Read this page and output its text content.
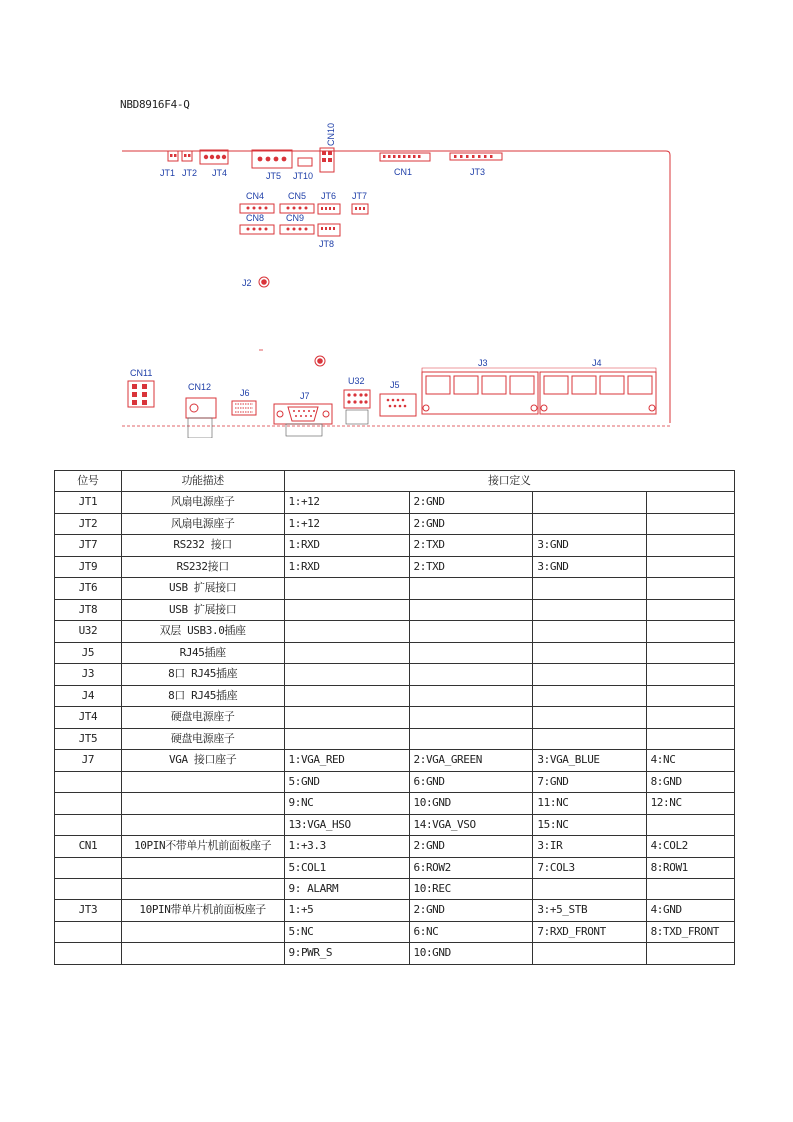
NBD8916F4-Q
JT1 JT2 JT4	JT5 JT10
CN10
CN1	JT3
CN4	CN5 JT6 JT7
CN8 CN9
JT8
J2
CN11
CN12
J6	J7
U32	J5
J3	J4
位号	功能描述	接口定义			
JT1	风扇电源座子	1:+12	2:GND		
JT2	风扇电源座子	1:+12	2:GND		
JT7	RS232 接口	1:RXD	2:TXD	3:GND	
JT9	RS232接口	1:RXD	2:TXD	3:GND	
JT6	USB 扩展接口				
JT8	USB 扩展接口				
U32	双层 USB3.0插座				
J5	RJ45插座				
J3	8口 RJ45插座				
J4	8口 RJ45插座				
JT4	硬盘电源座子				
JT5	硬盘电源座子				
J7	VGA 接口座子	1:VGA_RED	2:VGA_GREEN	3:VGA_BLUE	4:NC
		5:GND	6:GND	7:GND	8:GND
		9:NC	10:GND	11:NC	12:NC
		13:VGA_HSO	14:VGA_VSO	15:NC	
CN1	10PIN不带单片机前面板座子	1:+3.3	2:GND	3:IR	4:COL2
		5:COL1	6:ROW2	7:COL3	8:ROW1
		9: ALARM	10:REC		
JT3	10PIN带单片机前面板座子	1:+5	2:GND	3:+5_STB	4:GND
		5:NC	6:NC	7:RXD_FRONT	8:TXD_FRONT
		9:PWR_S	10:GND		
